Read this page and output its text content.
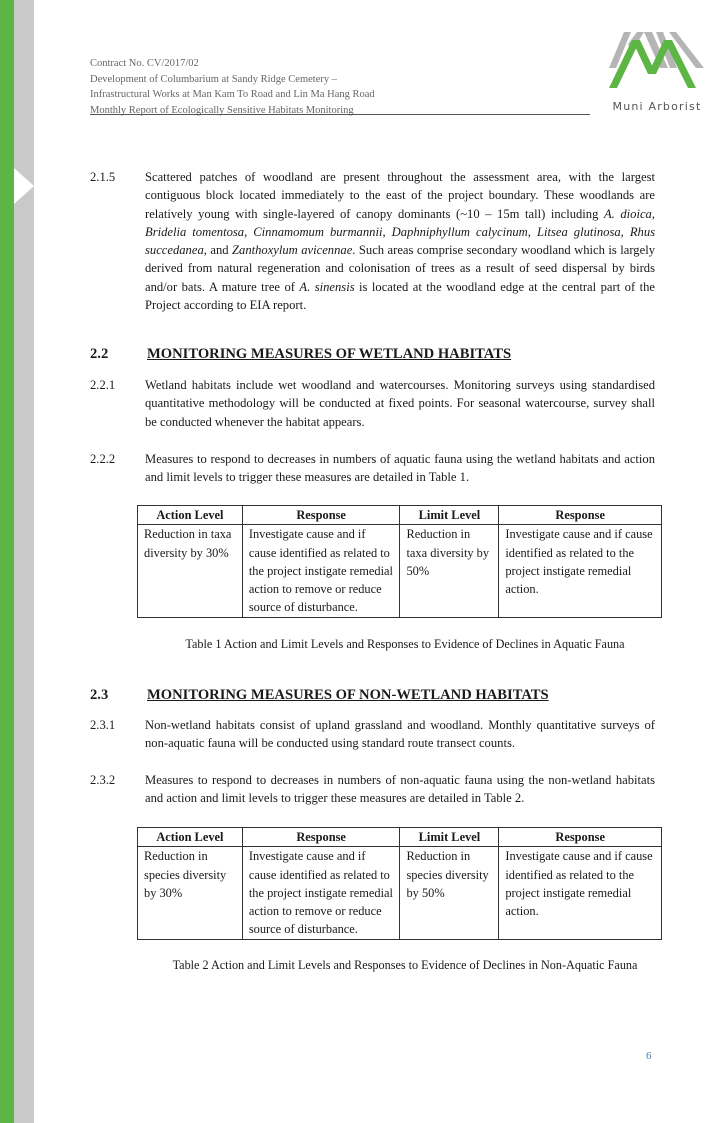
Contract No. CV/2017/02
Development of Columbarium at Sandy Ridge Cemetery –
Infrastructural Works at Man Kam To Road and Lin Ma Hang Road
Monthly Report of Ecologically Sensitive Habitats Monitoring	Muni Arborist
2.1.5 Scattered patches of woodland are present throughout the assessment area, with the largest contiguous block located immediately to the east of the project boundary. These woodlands are relatively young with single-layered of canopy dominants (~10 – 15m tall) including A. dioica, Bridelia tomentosa, Cinnamomum burmannii, Daphniphyllum calycinum, Litsea glutinosa, Rhus succedanea, and Zanthoxylum avicennae. Such areas comprise secondary woodland which is largely derived from natural regeneration and colonisation of trees as a result of seed dispersal by birds and/or bats. A mature tree of A. sinensis is located at the woodland edge at the central part of the Project according to EIA report.
2.2	MONITORING MEASURES OF WETLAND HABITATS
2.2.1 Wetland habitats include wet woodland and watercourses. Monitoring surveys using standardised quantitative methodology will be conducted at fixed points. For seasonal watercourse, survey shall be conducted whenever the habitat appears.
2.2.2 Measures to respond to decreases in numbers of aquatic fauna using the wetland habitats and action and limit levels to trigger these measures are detailed in Table 1.
Action Level	Response	Limit Level	Response
Reduction in taxa diversity by 30%	Investigate cause and if cause identified as related to the project instigate remedial action to remove or reduce source of disturbance.	Reduction in taxa diversity by 50%	Investigate cause and if cause identified as related to the project instigate remedial action.
Table 1 Action and Limit Levels and Responses to Evidence of Declines in Aquatic Fauna
2.3	MONITORING MEASURES OF NON-WETLAND HABITATS
2.3.1 Non-wetland habitats consist of upland grassland and woodland. Monthly quantitative surveys of non-aquatic fauna will be conducted using standard route transect counts.
2.3.2 Measures to respond to decreases in numbers of non-aquatic fauna using the non-wetland habitats and action and limit levels to trigger these measures are detailed in Table 2.
Action Level	Response	Limit Level	Response
Reduction in species diversity by 30%	Investigate cause and if cause identified as related to the project instigate remedial action to remove or reduce source of disturbance.	Reduction in species diversity by 50%	Investigate cause and if cause identified as related to the project instigate remedial action.
Table 2 Action and Limit Levels and Responses to Evidence of Declines in Non-Aquatic Fauna
6
